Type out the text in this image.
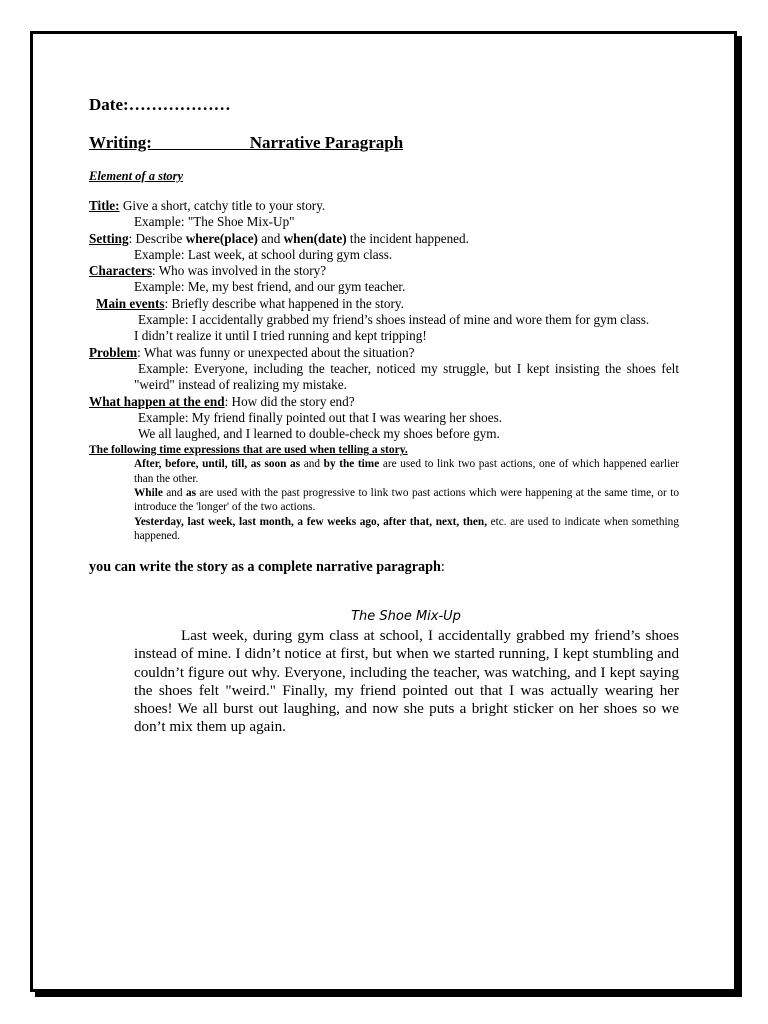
Date:………………
Writing:	Narrative Paragraph
Element of a story
Title: Give a short, catchy title to your story.
Example: "The Shoe Mix-Up"
Setting: Describe where(place) and when(date) the incident happened.
Example: Last week, at school during gym class.
Characters: Who was involved in the story?
Example: Me, my best friend, and our gym teacher.
Main events: Briefly describe what happened in the story.
Example: I accidentally grabbed my friend’s shoes instead of mine and wore them for gym class.
I didn’t realize it until I tried running and kept tripping!
Problem: What was funny or unexpected about the situation?
Example: Everyone, including the teacher, noticed my struggle, but I kept insisting the shoes felt "weird" instead of realizing my mistake.
What happen at the end: How did the story end?
Example: My friend finally pointed out that I was wearing her shoes.
We all laughed, and I learned to double-check my shoes before gym.
The following time expressions that are used when telling a story.
After, before, until, till, as soon as and by the time are used to link two past actions, one of which happened earlier than the other.
While and as are used with the past progressive to link two past actions which were happening at the same time, or to introduce the 'longer' of the two actions.
Yesterday, last week, last month, a few weeks ago, after that, next, then, etc. are used to indicate when something happened.
you can write the story as a complete narrative paragraph:
The Shoe Mix-Up
Last week, during gym class at school, I accidentally grabbed my friend’s shoes instead of mine. I didn’t notice at first, but when we started running, I kept stumbling and couldn’t figure out why. Everyone, including the teacher, was watching, and I kept saying the shoes felt "weird." Finally, my friend pointed out that I was actually wearing her shoes! We all burst out laughing, and now she puts a bright sticker on her shoes so we don’t mix them up again.
